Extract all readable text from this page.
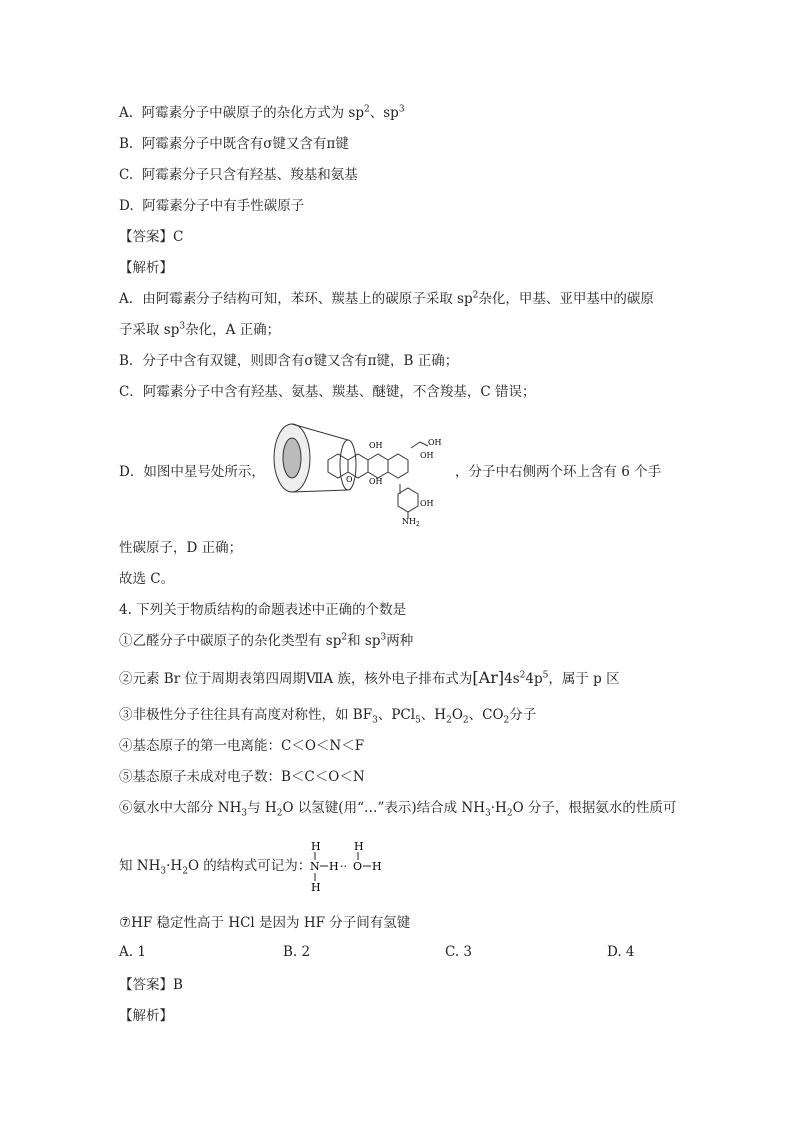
A. 阿霉素分子中碳原子的杂化方式为 $sp^2$、$sp^3$
B. 阿霉素分子中既含有σ键又含有π键
C. 阿霉素分子只含有羟基、羧基和氨基
D. 阿霉素分子中有手性碳原子
【答案】C
【解析】
A．由阿霉素分子结构可知，苯环、羰基上的碳原子采取 $sp^2$杂化，甲基、亚甲基中的碳原
子采取 $sp^3$杂化，A 正确；
B．分子中含有双键，则即含有σ键又含有π键，B 正确；
C．阿霉素分子中含有羟基、氨基、羰基、醚键，不含羧基，C 错误；
D．如图中星号处所示，	，分子中右侧两个环上含有 6 个手
OH
OH
OH
OH
O
OH
$NH_2$
性碳原子，D 正确；
故选 C。
4. 下列关于物质结构的命题表述中正确的个数是
①乙醛分子中碳原子的杂化类型有 $sp^2$和 $sp^3$两种
②元素 Br 位于周期表第四周期ⅦA 族，核外电子排布式为$[Ar]4s^24p^5$，属于 p 区
③非极性分子往往具有高度对称性，如 $BF_3$、PCl$_5$、$H_2O_2$、$CO_2$分子
④基态原子的第一电离能：C＜O＜N＜F
⑤基态原子未成对电子数：B＜C＜O＜N
⑥氨水中大部分 $NH_3$与 $H_2O$ 以氢键(用“…”表示)结合成 $NH_3\cdot H_2O$ 分子，根据氨水的性质可
知 $NH_3\cdot H_2O$ 的结构式可记为：
H
N H ··
H
O H
H
⑦HF 稳定性高于 HCl 是因为 HF 分子间有氢键
A. 1	B. 2	C. 3	D. 4
【答案】B
【解析】
